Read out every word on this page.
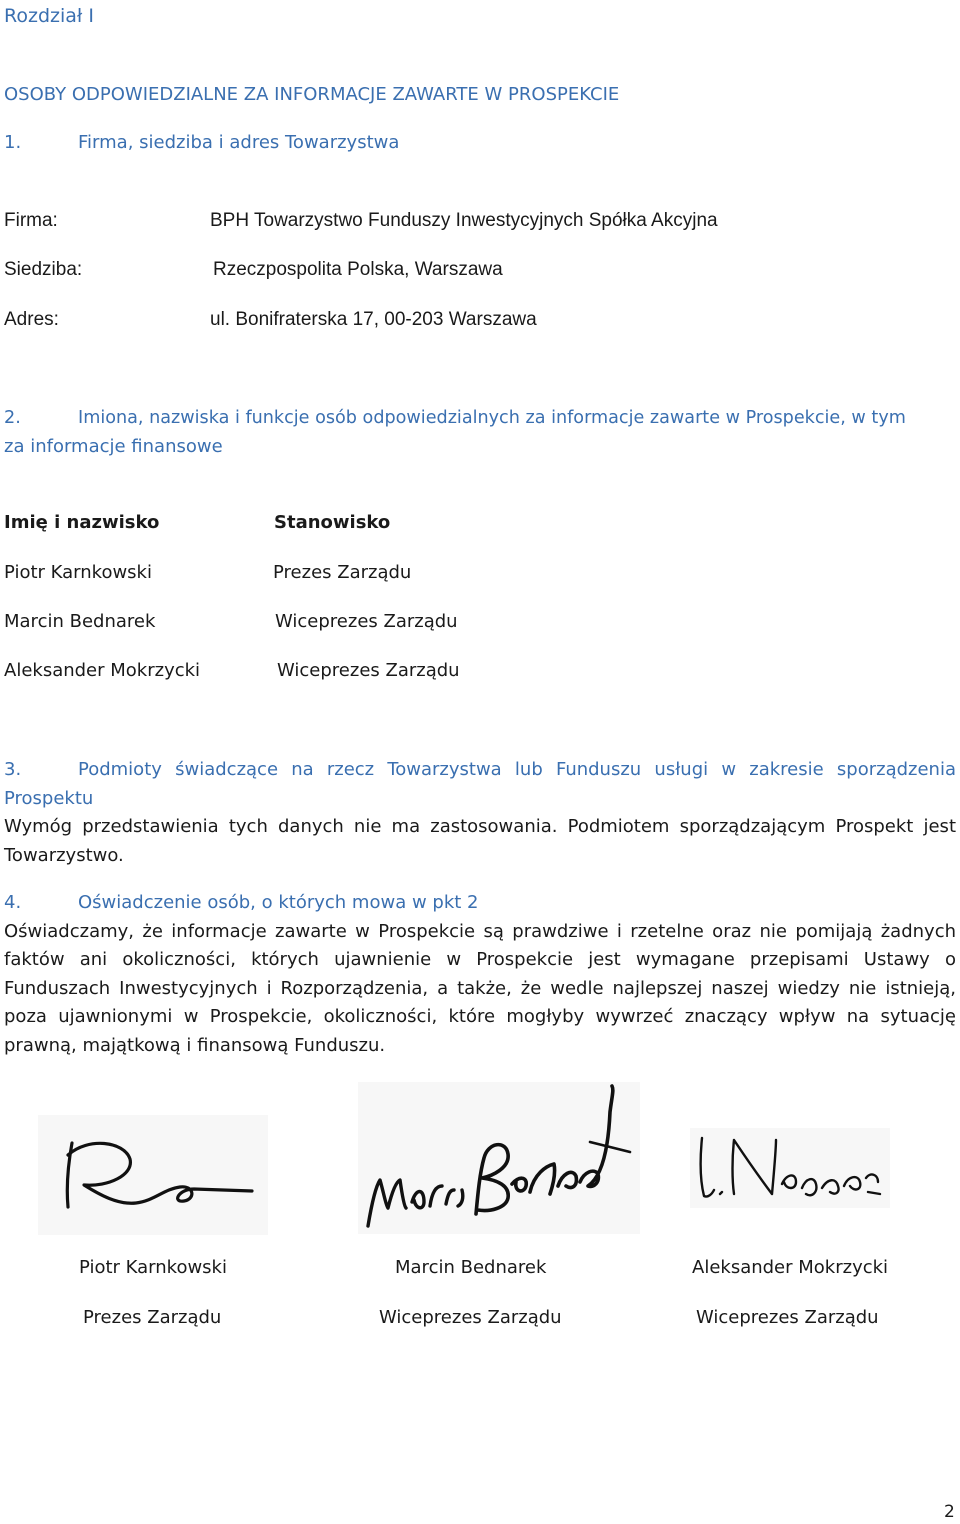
Rozdział I
OSOBY ODPOWIEDZIALNE ZA INFORMACJE ZAWARTE W PROSPEKCIE
1.	Firma, siedziba i adres Towarzystwa
Firma:	BPH Towarzystwo Funduszy Inwestycyjnych Spółka Akcyjna
Siedziba:	Rzeczpospolita Polska, Warszawa
Adres:	ul. Bonifraterska 17, 00-203 Warszawa
2.	Imiona, nazwiska i funkcje osób odpowiedzialnych za informacje zawarte w Prospekcie, w tym
za informacje finansowe
Imię i nazwisko	Stanowisko
Piotr Karnkowski	Prezes Zarządu
Marcin Bednarek	Wiceprezes Zarządu
Aleksander Mokrzycki	Wiceprezes Zarządu
3.	Podmioty świadczące na rzecz Towarzystwa lub Funduszu usługi w zakresie sporządzenia
Prospektu
Wymóg przedstawienia tych danych nie ma zastosowania. Podmiotem sporządzającym Prospekt jest Towarzystwo.
4.	Oświadczenie osób, o których mowa w pkt 2
Oświadczamy, że informacje zawarte w Prospekcie są prawdziwe i rzetelne oraz nie pomijają żadnych faktów ani okoliczności, których ujawnienie w Prospekcie jest wymagane przepisami Ustawy o Funduszach Inwestycyjnych i Rozporządzenia, a także, że wedle najlepszej naszej wiedzy nie istnieją, poza ujawnionymi w Prospekcie, okoliczności, które mogłyby wywrzeć znaczący wpływ na sytuację prawną, majątkową i finansową Funduszu.
Piotr Karnkowski	Marcin Bednarek	Aleksander Mokrzycki
Prezes Zarządu	Wiceprezes Zarządu	Wiceprezes Zarządu
2
